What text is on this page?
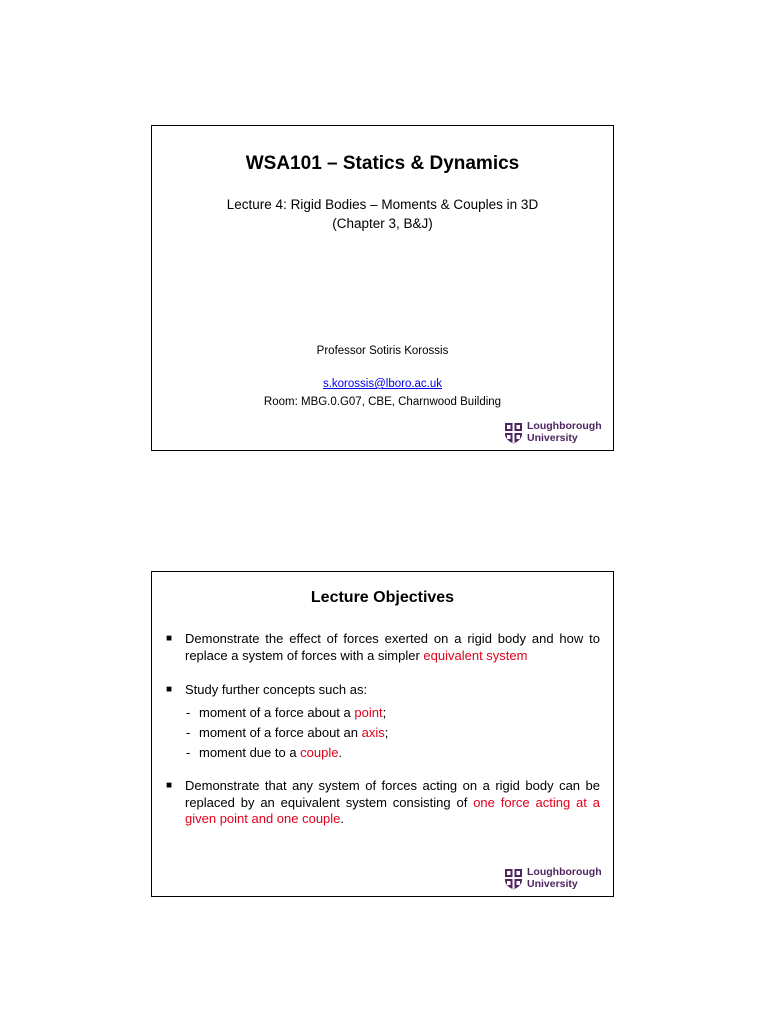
WSA101 – Statics & Dynamics
Lecture 4: Rigid Bodies – Moments & Couples in 3D
(Chapter 3, B&J)
Professor Sotiris Korossis
s.korossis@lboro.ac.uk
Room: MBG.0.G07, CBE, Charnwood Building
Loughborough
University
Lecture Objectives
■ Demonstrate the effect of forces exerted on a rigid body and how to replace a system of forces with a simpler equivalent system
■ Study further concepts such as:
- moment of a force about a point;
- moment of a force about an axis;
- moment due to a couple.
■ Demonstrate that any system of forces acting on a rigid body can be replaced by an equivalent system consisting of one force acting at a given point and one couple.
Loughborough
University
